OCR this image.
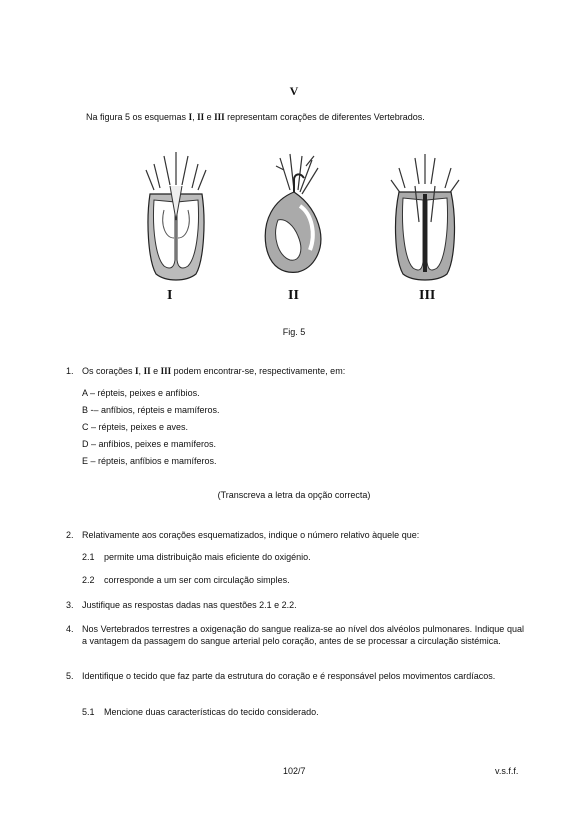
V
Na figura 5 os esquemas I, II e III representam corações de diferentes Vertebrados.
I	II	III
Fig. 5
1. Os corações I, II e III podem encontrar-se, respectivamente, em:
A – répteis, peixes e anfíbios.
B -– anfíbios, répteis e mamíferos.
C – répteis, peixes e aves.
D – anfíbios, peixes e mamíferos.
E – répteis, anfíbios e mamíferos.
(Transcreva a letra da opção correcta)
2. Relativamente aos corações esquematizados, indique o número relativo àquele que:
2.1 permite uma distribuição mais eficiente do oxigénio.
2.2 corresponde a um ser com circulação simples.
3. Justifique as respostas dadas nas questões 2.1 e 2.2.
4. Nos Vertebrados terrestres a oxigenação do sangue realiza-se ao nível dos alvéolos pulmonares. Indique qual a vantagem da passagem do sangue arterial pelo coração, antes de se processar a circulação sistémica.
5. Identifique o tecido que faz parte da estrutura do coração e é responsável pelos movimentos cardíacos.
5.1 Mencione duas características do tecido considerado.
102/7	v.s.f.f.
